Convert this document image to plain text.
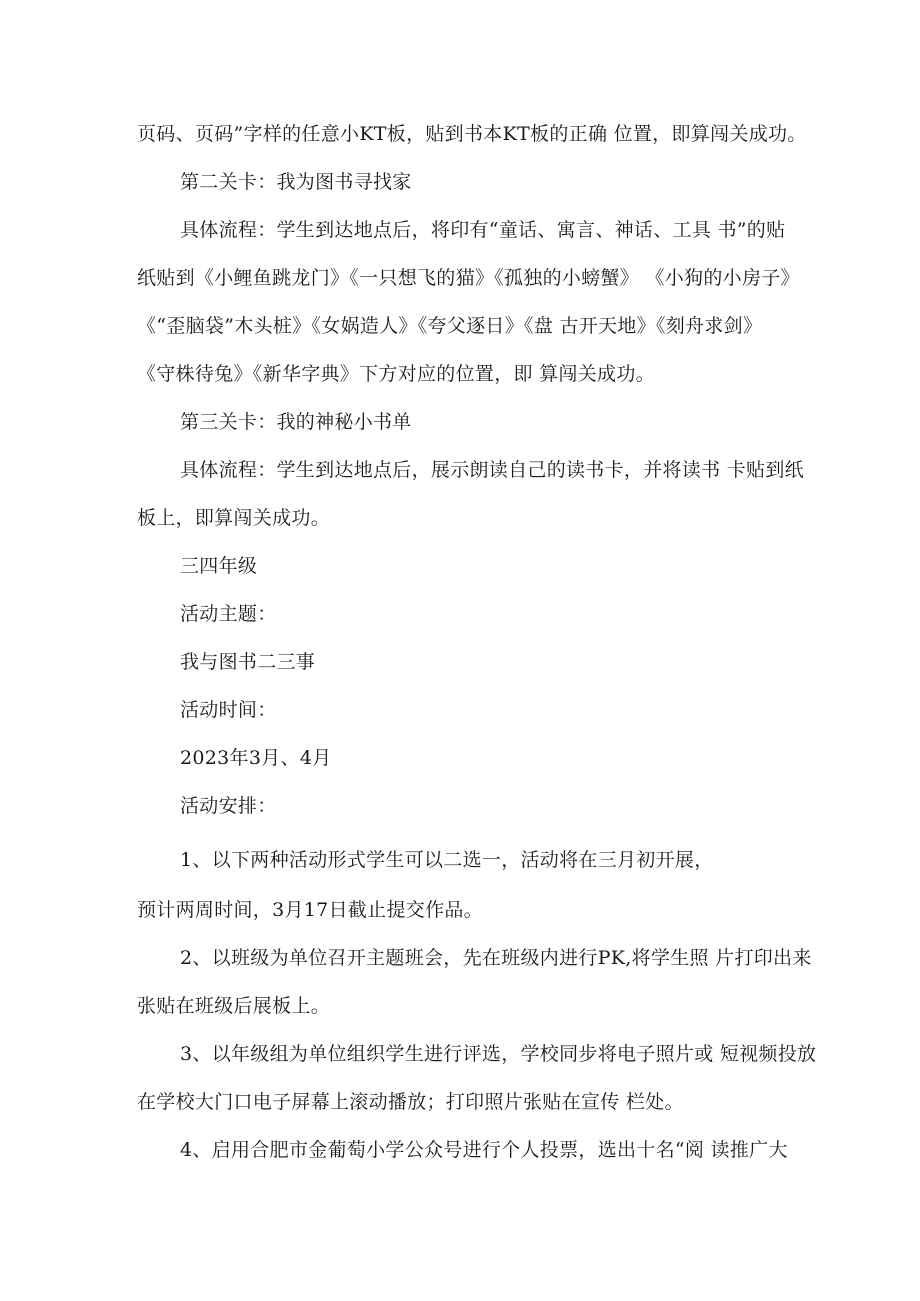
页码、页码”字样的任意小KT板，贴到书本KT板的正确 位置，即算闯关成功。
第二关卡：我为图书寻找家
具体流程：学生到达地点后，将印有“童话、寓言、神话、工具 书”的贴
纸贴到《小鲤鱼跳龙门》《一只想飞的猫》《孤独的小螃蟹》 《小狗的小房子》
《“歪脑袋”木头桩》《女娲造人》《夸父逐日》《盘 古开天地》《刻舟求剑》
《守株待兔》《新华字典》下方对应的位置，即 算闯关成功。
第三关卡：我的神秘小书单
具体流程：学生到达地点后，展示朗读自己的读书卡，并将读书 卡贴到纸
板上，即算闯关成功。
三四年级
活动主题：
我与图书二三事
活动时间：
2023年3月、4月
活动安排：
1、以下两种活动形式学生可以二选一，活动将在三月初开展，
预计两周时间，3月17日截止提交作品。
2、以班级为单位召开主题班会，先在班级内进行PK,将学生照 片打印出来
张贴在班级后展板上。
3、以年级组为单位组织学生进行评选，学校同步将电子照片或 短视频投放
在学校大门口电子屏幕上滚动播放；打印照片张贴在宣传 栏处。
4、启用合肥市金葡萄小学公众号进行个人投票，选出十名“阅 读推广大
